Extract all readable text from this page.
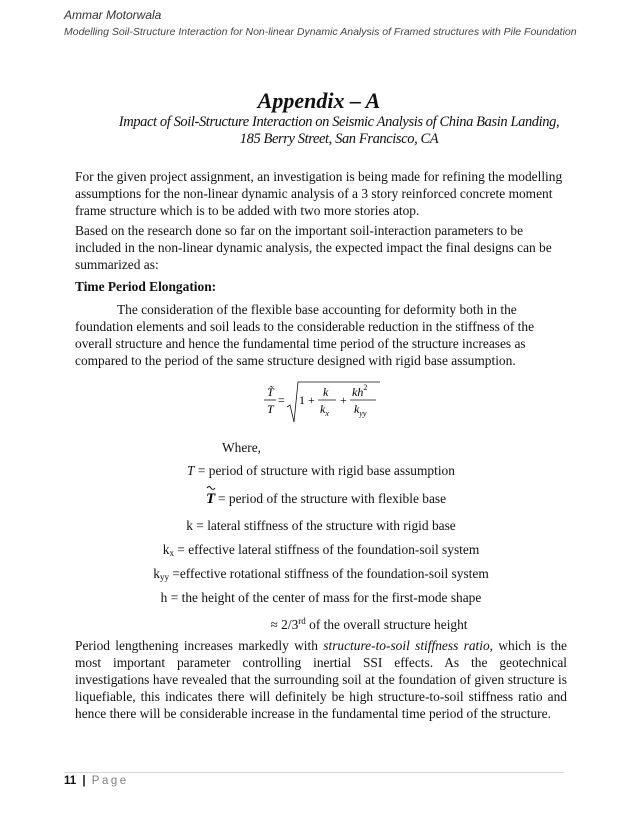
Ammar Motorwala
Modelling Soil-Structure Interaction for Non-linear Dynamic Analysis of Framed structures with Pile Foundation
Appendix – A
Impact of Soil-Structure Interaction on Seismic Analysis of China Basin Landing,
185 Berry Street, San Francisco, CA

For the given project assignment, an investigation is being made for refining the modelling assumptions for the non-linear dynamic analysis of a 3 story reinforced concrete moment frame structure which is to be added with two more stories atop.

Based on the research done so far on the important soil-interaction parameters to be included in the non-linear dynamic analysis, the expected impact the final designs can be summarized as:

Time Period Elongation:

The consideration of the flexible base accounting for deformity both in the foundation elements and soil leads to the considerable reduction in the stiffness of the overall structure and hence the fundamental time period of the structure increases as compared to the period of the same structure designed with rigid base assumption.

T̃
T
= 1 +
k
$k_x$
+
$kh^2$
$k_{yy}$
Where,
T = period of structure with rigid base assumption
T = period of the structure with flexible base
k = lateral stiffness of the structure with rigid base
$k_x$ = effective lateral stiffness of the foundation-soil system
$k_{yy}$ =effective rotational stiffness of the foundation-soil system
h = the height of the center of mass for the first-mode shape
≈ 2/3rd of the overall structure height

Period lengthening increases markedly with structure-to-soil stiffness ratio, which is the most important parameter controlling inertial SSI effects. As the geotechnical investigations have revealed that the surrounding soil at the foundation of given structure is liquefiable, this indicates there will definitely be high structure-to-soil stiffness ratio and hence there will be considerable increase in the fundamental time period of the structure.

11 | Page
